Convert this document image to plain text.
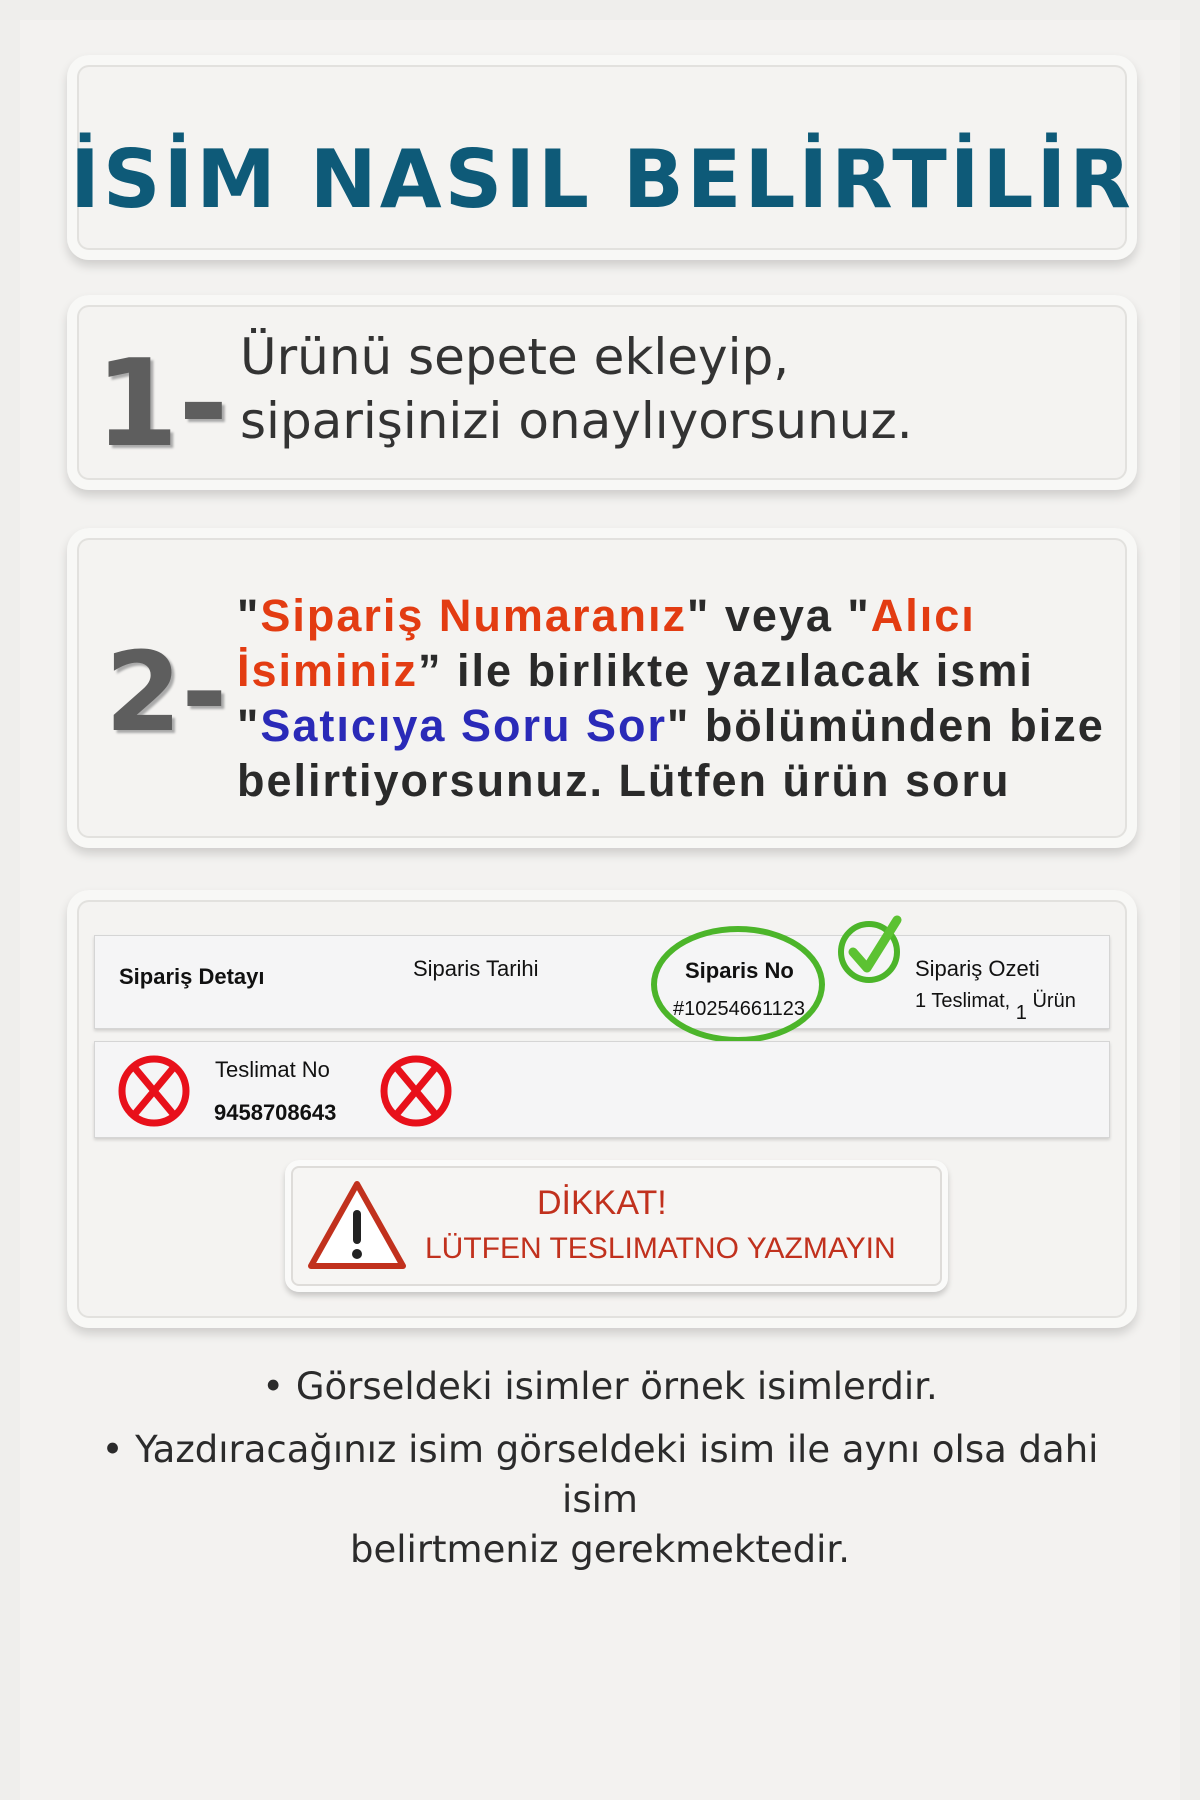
İSİM NASIL BELİRTİLİR
1- Ürünü sepete ekleyip,
siparişinizi onaylıyorsunuz.
2-
"Sipariş Numaranız" veya "Alıcı
İsiminiz” ile birlikte yazılacak ismi
"Satıcıya Soru Sor" bölümünden bize
belirtiyorsunuz. Lütfen ürün soru
Sipariş Detayı	Siparis Tarihi	Siparis No
#10254661123
Sipariş Ozeti
1 Teslimat, 1 Ürün
Teslimat No
9458708643
DİKKAT!
LÜTFEN TESLIMATNO YAZMAYIN
• Görseldeki isimler örnek isimlerdir.
• Yazdıracağınız isim görseldeki isim ile aynı olsa dahi isim
belirtmeniz gerekmektedir.
